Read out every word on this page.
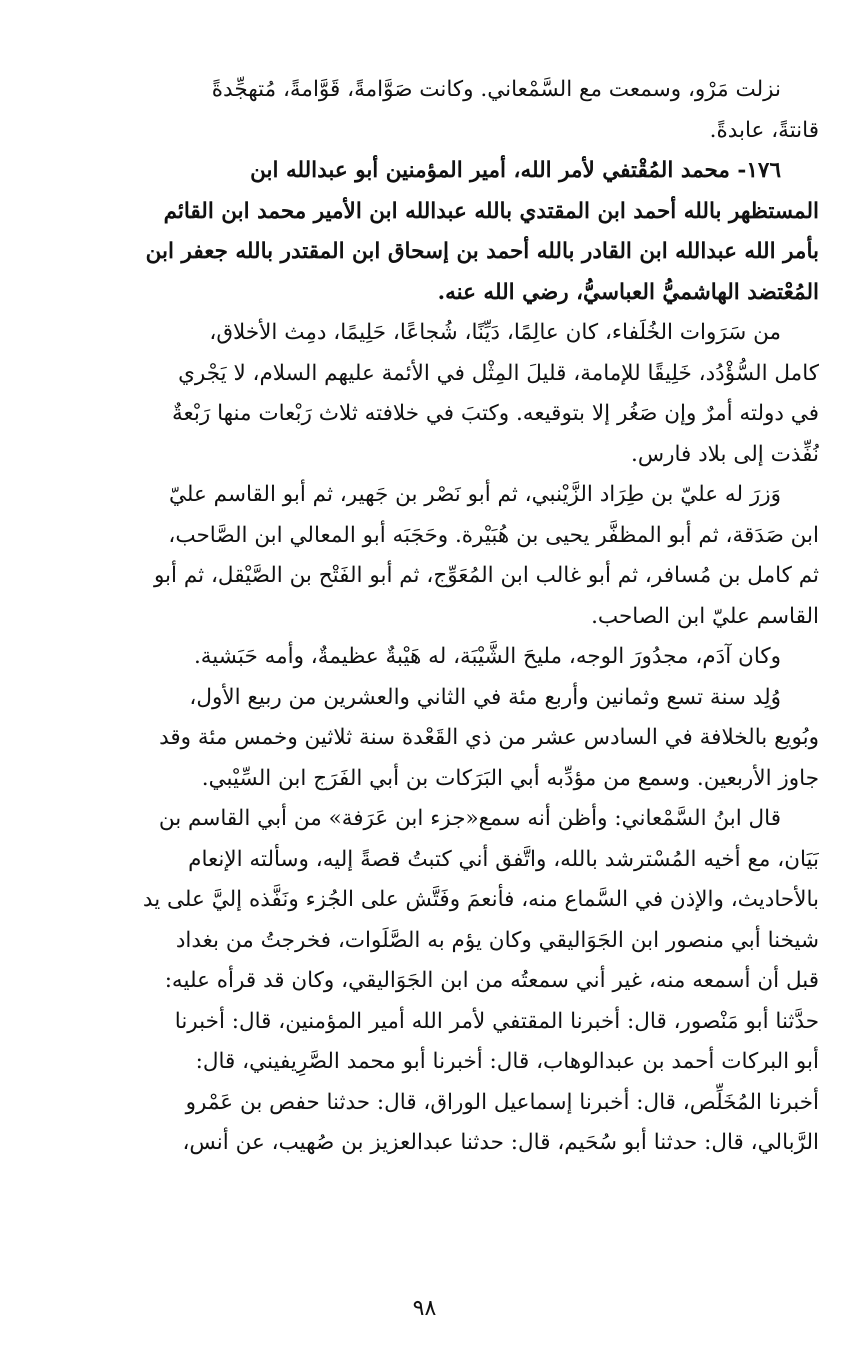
نزلت مَرْو، وسمعت مع السَّمْعاني. وكانت صَوَّامةً، قَوَّامةً، مُتهجِّدةً
قانتةً، عابدةً.
١٧٦- محمد المُقْتفي لأمر الله، أمير المؤمنين أبو عبدالله ابن
المستظهر بالله أحمد ابن المقتدي بالله عبدالله ابن الأمير محمد ابن القائم
بأمر الله عبدالله ابن القادر بالله أحمد بن إسحاق ابن المقتدر بالله جعفر ابن
المُعْتضد الهاشميُّ العباسيُّ، رضي الله عنه.
من سَرَوات الخُلَفاء، كان عالِمًا، دَيِّنًا، شُجاعًا، حَلِيمًا، دمِث الأخلاق،
كامل السُّؤْدُد، خَلِيقًا للإمامة، قليلَ المِثْل في الأئمة عليهم السلام، لا يَجْري
في دولته أمرٌ وإن صَغُر إلا بتوقيعه. وكتبَ في خلافته ثلاث رَبْعات منها رَبْعةٌ
نُفِّذت إلى بلاد فارس.
وَزرَ له عليّ بن طِرَاد الزَّيْنبي، ثم أبو نَصْر بن جَهير، ثم أبو القاسم عليّ
ابن صَدَقة، ثم أبو المظفَّر يحيى بن هُبَيْرة. وحَجَبَه أبو المعالي ابن الصَّاحب،
ثم كامل بن مُسافر، ثم أبو غالب ابن المُعَوِّج، ثم أبو الفَتْح بن الصَّيْقل، ثم أبو
القاسم عليّ ابن الصاحب.
وكان آدَم، مجدُورَ الوجه، مليحَ الشَّيْبَة، له هَيْبةٌ عظيمةٌ، وأمه حَبَشية.
وُلِد سنة تسع وثمانين وأربع مئة في الثاني والعشرين من ربيع الأول،
وبُويع بالخلافة في السادس عشر من ذي القَعْدة سنة ثلاثين وخمس مئة وقد
جاوز الأربعين. وسمع من مؤدِّبه أبي البَرَكات بن أبي الفَرَج ابن السِّيْبي.
قال ابنُ السَّمْعاني: وأظن أنه سمع«جزء ابن عَرَفة» من أبي القاسم بن
بَيَان، مع أخيه المُسْترشد بالله، واتَّفق أني كتبتُ قصةً إليه، وسألته الإنعام
بالأحاديث، والإذن في السَّماع منه، فأنعمَ وفَتَّش على الجُزء ونَفَّذه إليَّ على يد
شيخنا أبي منصور ابن الجَوَاليقي وكان يؤم به الصَّلَوات، فخرجتُ من بغداد
قبل أن أسمعه منه، غير أني سمعتُه من ابن الجَوَاليقي، وكان قد قرأه عليه:
حدَّثنا أبو مَنْصور، قال: أخبرنا المقتفي لأمر الله أمير المؤمنين، قال: أخبرنا
أبو البركات أحمد بن عبدالوهاب، قال: أخبرنا أبو محمد الصَّرِيفيني، قال:
أخبرنا المُخَلِّص، قال: أخبرنا إسماعيل الوراق، قال: حدثنا حفص بن عَمْرو
الرَّبالي، قال: حدثنا أبو سُحَيم، قال: حدثنا عبدالعزيز بن صُهيب، عن أنس،
٩٨
